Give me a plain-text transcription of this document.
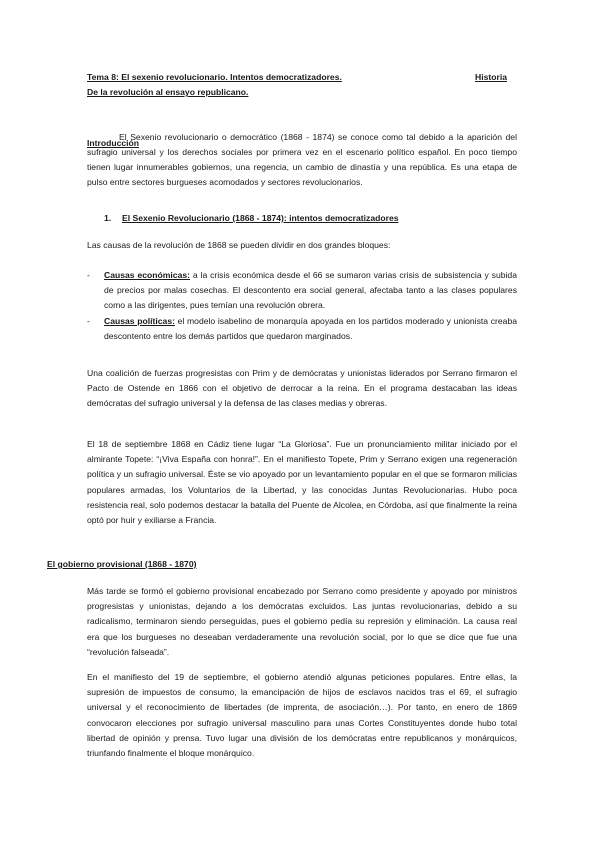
Tema 8: El sexenio revolucionario. Intentos democratizadores.	Historia
De la revolución al ensayo republicano.
Introducción
El Sexenio revolucionario o democrático (1868 - 1874) se conoce como tal debido a la aparición del sufragio universal y los derechos sociales por primera vez en el escenario político español. En poco tiempo tienen lugar innumerables gobiernos, una regencia, un cambio de dinastía y una república. Es una etapa de pulso entre sectores burgueses acomodados y sectores revolucionarios.
1. El Sexenio Revolucionario (1868 - 1874): intentos democratizadores
Las causas de la revolución de 1868 se pueden dividir en dos grandes bloques:
- Causas económicas: a la crisis económica desde el 66 se sumaron varias crisis de subsistencia y subida de precios por malas cosechas. El descontento era social general, afectaba tanto a las clases populares como a las dirigentes, pues temían una revolución obrera.
- Causas políticas: el modelo isabelino de monarquía apoyada en los partidos moderado y unionista creaba descontento entre los demás partidos que quedaron marginados.
Una coalición de fuerzas progresistas con Prim y de demócratas y unionistas liderados por Serrano firmaron el Pacto de Ostende en 1866 con el objetivo de derrocar a la reina. En el programa destacaban las ideas demócratas del sufragio universal y la defensa de las clases medias y obreras.
El 18 de septiembre 1868 en Cádiz tiene lugar “La Gloriosa”. Fue un pronunciamiento militar iniciado por el almirante Topete: “¡Viva España con honra!”. En el manifiesto Topete, Prim y Serrano exigen una regeneración política y un sufragio universal. Éste se vio apoyado por un levantamiento popular en el que se formaron milicias populares armadas, los Voluntarios de la Libertad, y las conocidas Juntas Revolucionarias. Hubo poca resistencia real, solo podemos destacar la batalla del Puente de Alcolea, en Córdoba, así que finalmente la reina optó por huir y exiliarse a Francia.
El gobierno provisional (1868 - 1870)
Más tarde se formó el gobierno provisional encabezado por Serrano como presidente y apoyado por ministros progresistas y unionistas, dejando a los demócratas excluidos. Las juntas revolucionarias, debido a su radicalismo, terminaron siendo perseguidas, pues el gobierno pedía su represión y eliminación. La causa real era que los burgueses no deseaban verdaderamente una revolución social, por lo que se dice que fue una “revolución falseada”.
En el manifiesto del 19 de septiembre, el gobierno atendió algunas peticiones populares. Entre ellas, la supresión de impuestos de consumo, la emancipación de hijos de esclavos nacidos tras el 69, el sufragio universal y el reconocimiento de libertades (de imprenta, de asociación…). Por tanto, en enero de 1869 convocaron elecciones por sufragio universal masculino para unas Cortes Constituyentes donde hubo total libertad de opinión y prensa. Tuvo lugar una división de los demócratas entre republicanos y monárquicos, triunfando finalmente el bloque monárquico.
